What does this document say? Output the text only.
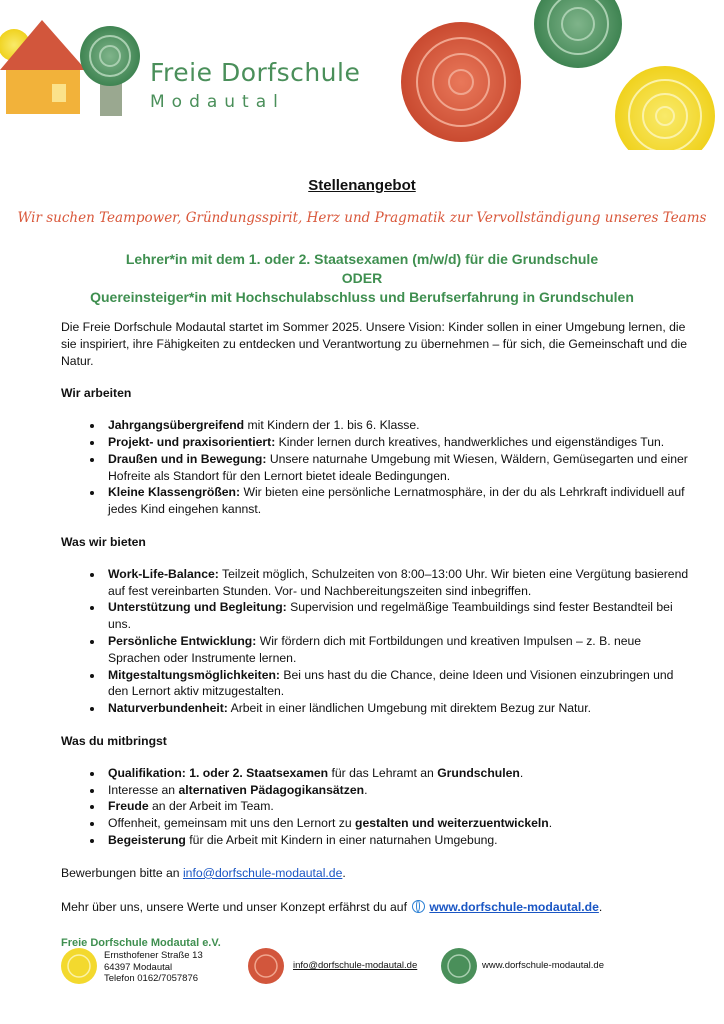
Freie Dorfschule
Modautal
Stellenangebot
Wir suchen Teampower, Gründungsspirit, Herz und Pragmatik zur Vervollständigung unseres Teams
Lehrer*in mit dem 1. oder 2. Staatsexamen (m/w/d) für die Grundschule
ODER
Quereinsteiger*in mit Hochschulabschluss und Berufserfahrung in Grundschulen

Die Freie Dorfschule Modautal startet im Sommer 2025. Unsere Vision: Kinder sollen in einer Umgebung lernen, die sie inspiriert, ihre Fähigkeiten zu entdecken und Verantwortung zu übernehmen – für sich, die Gemeinschaft und die Natur.

Wir arbeiten

• Jahrgangsübergreifend mit Kindern der 1. bis 6. Klasse.
• Projekt- und praxisorientiert: Kinder lernen durch kreatives, handwerkliches und eigenständiges Tun.
• Draußen und in Bewegung: Unsere naturnahe Umgebung mit Wiesen, Wäldern, Gemüsegarten und einer Hofreite als Standort für den Lernort bietet ideale Bedingungen.
• Kleine Klassengrößen: Wir bieten eine persönliche Lernatmosphäre, in der du als Lehrkraft individuell auf jedes Kind eingehen kannst.

Was wir bieten

• Work-Life-Balance: Teilzeit möglich, Schulzeiten von 8:00–13:00 Uhr. Wir bieten eine Vergütung basierend auf fest vereinbarten Stunden. Vor- und Nachbereitungszeiten sind inbegriffen.
• Unterstützung und Begleitung: Supervision und regelmäßige Teambuildings sind fester Bestandteil bei uns.
• Persönliche Entwicklung: Wir fördern dich mit Fortbildungen und kreativen Impulsen – z. B. neue Sprachen oder Instrumente lernen.
• Mitgestaltungsmöglichkeiten: Bei uns hast du die Chance, deine Ideen und Visionen einzubringen und den Lernort aktiv mitzugestalten.
• Naturverbundenheit: Arbeit in einer ländlichen Umgebung mit direktem Bezug zur Natur.

Was du mitbringst

• Qualifikation: 1. oder 2. Staatsexamen für das Lehramt an Grundschulen.
• Interesse an alternativen Pädagogikansätzen.
• Freude an der Arbeit im Team.
• Offenheit, gemeinsam mit uns den Lernort zu gestalten und weiterzuentwickeln.
• Begeisterung für die Arbeit mit Kindern in einer naturnahen Umgebung.

Bewerbungen bitte an info@dorfschule-modautal.de.

Mehr über uns, unsere Werte und unser Konzept erfährst du auf www.dorfschule-modautal.de.

Freie Dorfschule Modautal e.V.
Ernsthofener Straße 13
64397 Modautal
Telefon 0162/7057876
info@dorfschule-modautal.de	www.dorfschule-modautal.de
